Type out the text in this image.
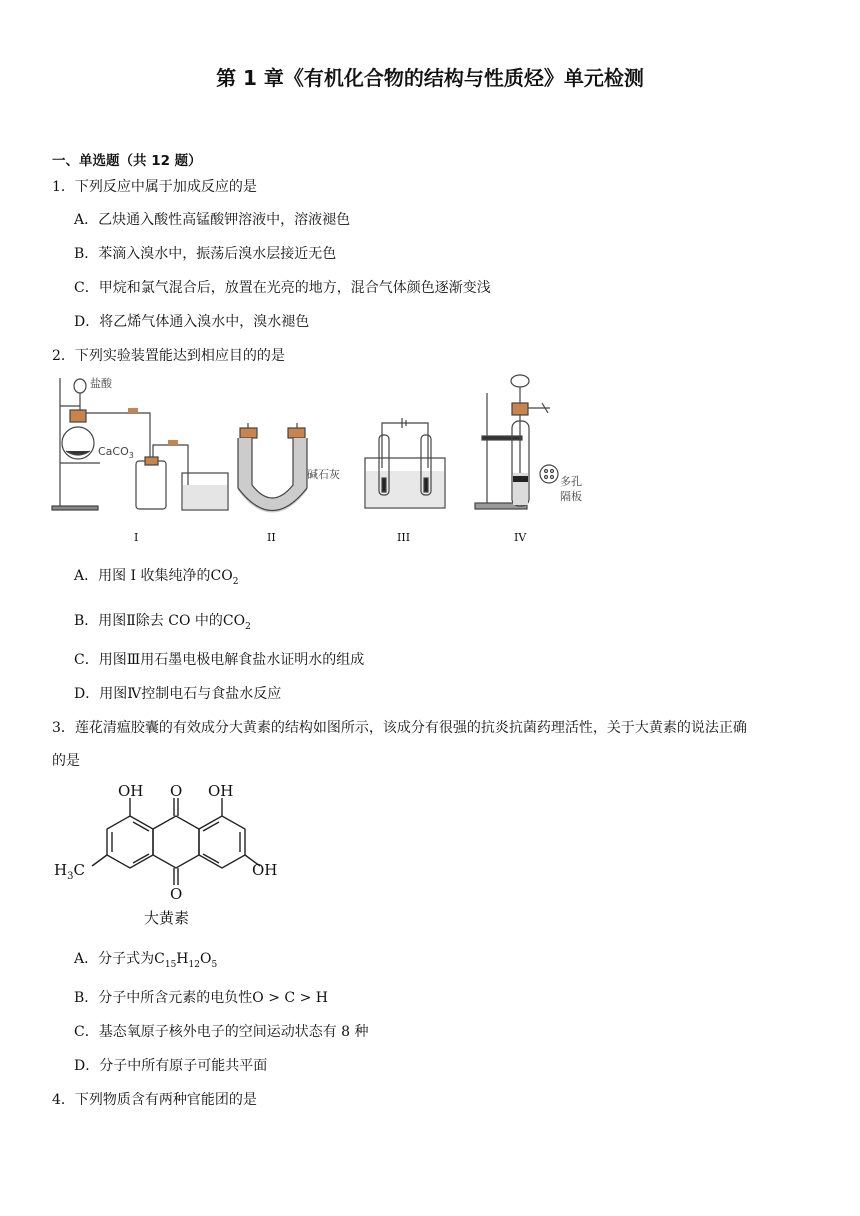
第 1 章《有机化合物的结构与性质烃》单元检测
一、单选题（共 12 题）
1．下列反应中属于加成反应的是
A．乙炔通入酸性高锰酸钾溶液中，溶液褪色
B．苯滴入溴水中，振荡后溴水层接近无色
C．甲烷和氯气混合后，放置在光亮的地方，混合气体颜色逐渐变浅
D．将乙烯气体通入溴水中，溴水褪色
2．下列实验装置能达到相应目的的是
盐酸
CaCO$_3$
碱石灰
多孔
隔板
I	II	III	IV
A．用图 I 收集纯净的$CO_2$
B．用图Ⅱ除去 CO 中的$CO_2$
C．用图Ⅲ用石墨电极电解食盐水证明水的组成
D．用图Ⅳ控制电石与食盐水反应
3．莲花清瘟胶囊的有效成分大黄素的结构如图所示，该成分有很强的抗炎抗菌药理活性，关于大黄素的说法正确
的是
OH O OH
$H_3C$	OH
O
大黄素
A．分子式为$C_{15}H_{12}O_5$
B．分子中所含元素的电负性O > C > H
C．基态氧原子核外电子的空间运动状态有 8 种
D．分子中所有原子可能共平面
4．下列物质含有两种官能团的是
